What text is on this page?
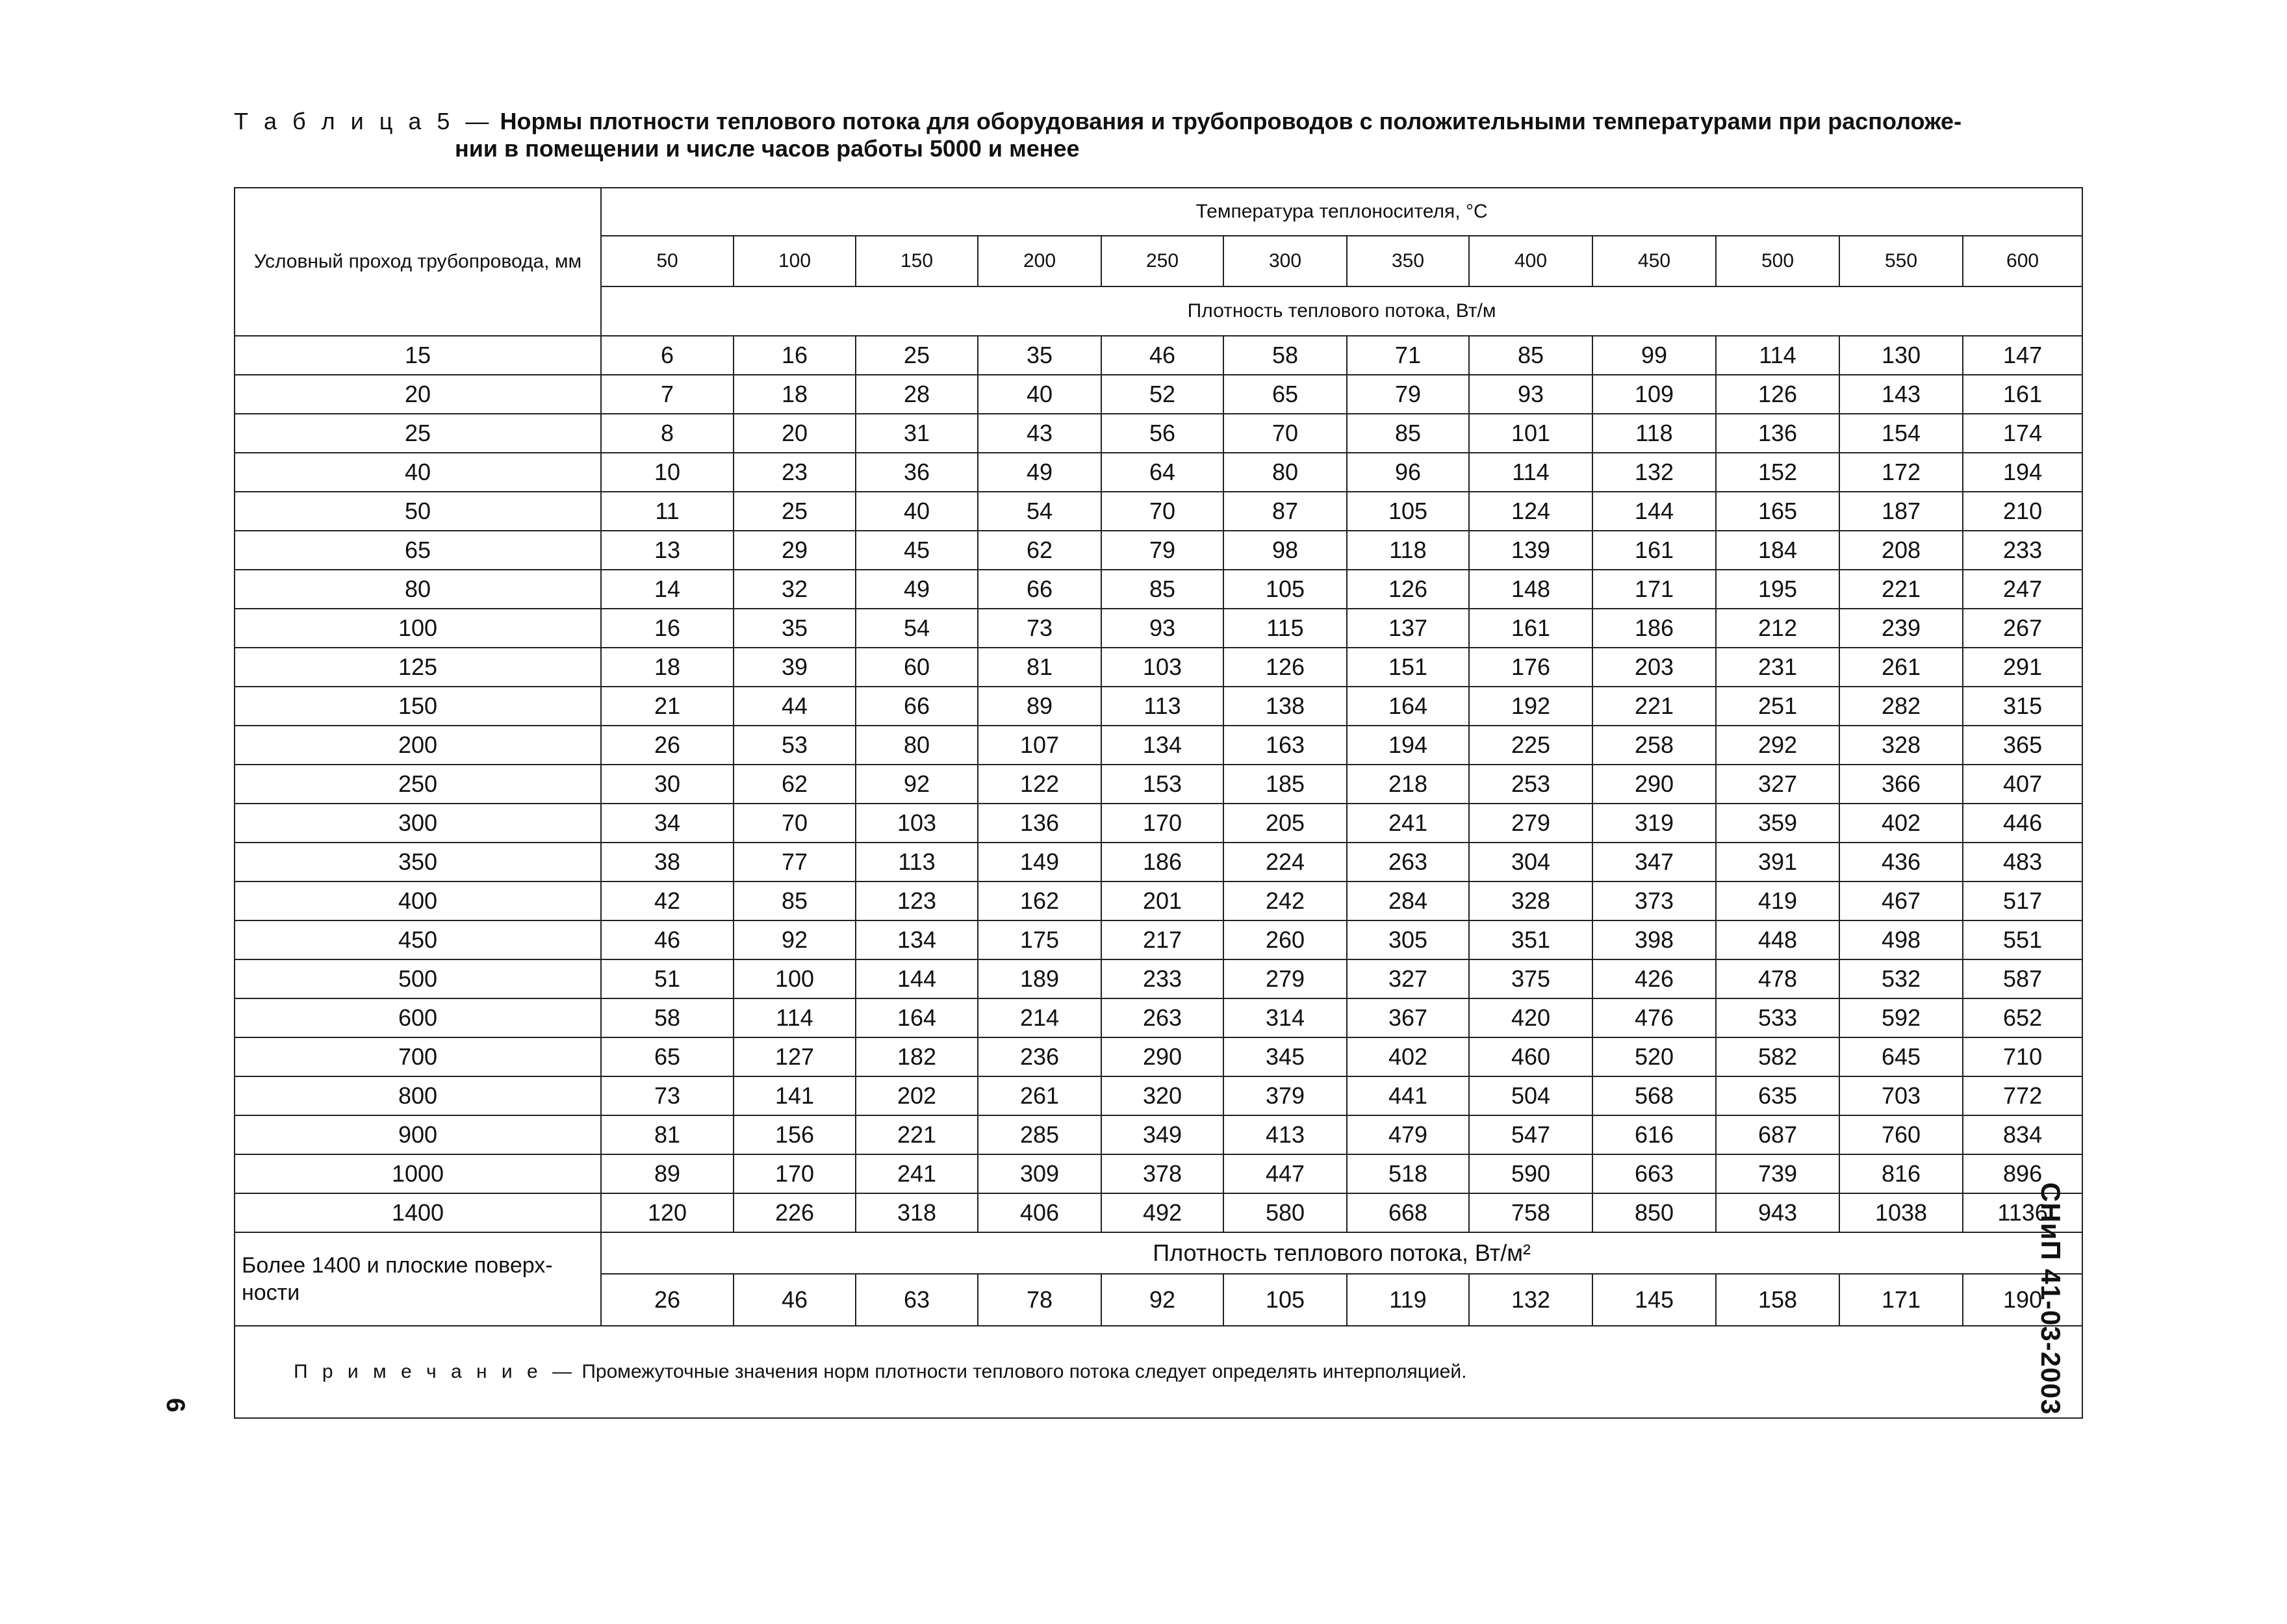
Т а б л и ц а 5 — Нормы плотности теплового потока для оборудования и трубопроводов с положительными температурами при расположе-
нии в помещении и числе часов работы 5000 и менее
Условный проход трубопровода, мм	Температура теплоносителя, °С											
	50	100	150	200	250	300	350	400	450	500	550	600
	Плотность теплового потока, Вт/м											
15	6	16	25	35	46	58	71	85	99	114	130	147
20	7	18	28	40	52	65	79	93	109	126	143	161
25	8	20	31	43	56	70	85	101	118	136	154	174
40	10	23	36	49	64	80	96	114	132	152	172	194
50	11	25	40	54	70	87	105	124	144	165	187	210
65	13	29	45	62	79	98	118	139	161	184	208	233
80	14	32	49	66	85	105	126	148	171	195	221	247
100	16	35	54	73	93	115	137	161	186	212	239	267
125	18	39	60	81	103	126	151	176	203	231	261	291
150	21	44	66	89	113	138	164	192	221	251	282	315
200	26	53	80	107	134	163	194	225	258	292	328	365
250	30	62	92	122	153	185	218	253	290	327	366	407
300	34	70	103	136	170	205	241	279	319	359	402	446
350	38	77	113	149	186	224	263	304	347	391	436	483
400	42	85	123	162	201	242	284	328	373	419	467	517
450	46	92	134	175	217	260	305	351	398	448	498	551
500	51	100	144	189	233	279	327	375	426	478	532	587
600	58	114	164	214	263	314	367	420	476	533	592	652
700	65	127	182	236	290	345	402	460	520	582	645	710
800	73	141	202	261	320	379	441	504	568	635	703	772
900	81	156	221	285	349	413	479	547	616	687	760	834
1000	89	170	241	309	378	447	518	590	663	739	816	896
1400	120	226	318	406	492	580	668	758	850	943	1038	1136
Более 1400 и плоские поверх-ности	Плотность теплового потока, Вт/м²											
	26	46	63	78	92	105	119	132	145	158	171	190
П р и м е ч а н и е — Промежуточные значения норм плотности теплового потока следует определять интерполяцией.													СНиП 41-03-2003
6
